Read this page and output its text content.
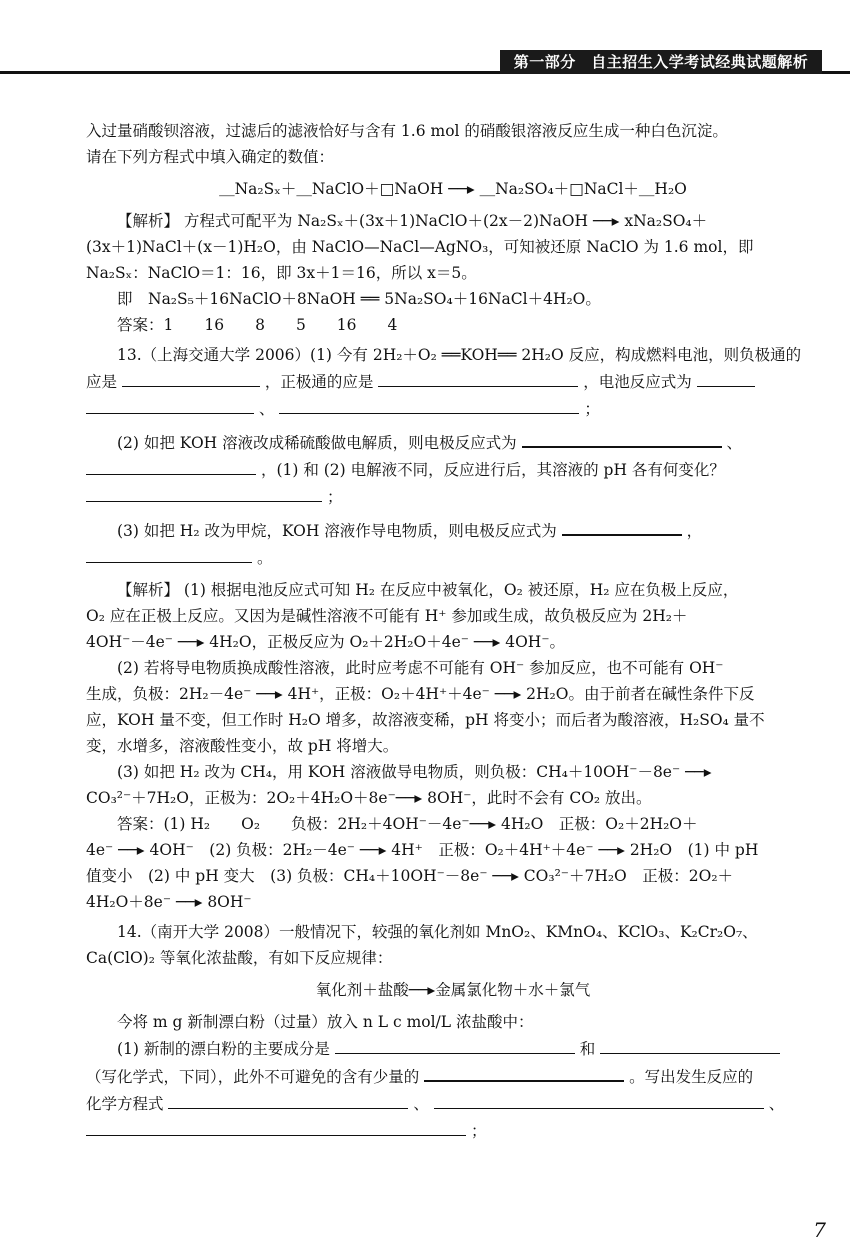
第一部分　自主招生入学考试经典试题解析

入过量硝酸钡溶液，过滤后的滤液恰好与含有 1.6 mol 的硝酸银溶液反应生成一种白色沉淀。

请在下列方程式中填入确定的数值：

＿Na₂Sₓ＋＿NaClO＋□NaOH ──▸ ＿Na₂SO₄＋□NaCl＋＿H₂O

【解析】 方程式可配平为 Na₂Sₓ＋(3x＋1)NaClO＋(2x－2)NaOH ──▸ xNa₂SO₄＋

(3x＋1)NaCl＋(x－1)H₂O，由 NaClO—NaCl—AgNO₃，可知被还原 NaClO 为 1.6 mol，即

Na₂Sₓ：NaClO＝1：16，即 3x＋1＝16，所以 x＝5。

即　Na₂S₅＋16NaClO＋8NaOH ══ 5Na₂SO₄＋16NaCl＋4H₂O。

答案：1　　16　　8　　5　　16　　4

13.（上海交通大学 2006）(1) 今有 2H₂＋O₂ ══KOH══ 2H₂O 反应，构成燃料电池，则负极通的

应是	，正极通的应是	，电池反应式为

、	；

(2) 如把 KOH 溶液改成稀硫酸做电解质，则电极反应式为	、

，(1) 和 (2) 电解液不同，反应进行后，其溶液的 pH 各有何变化？

；

(3) 如把 H₂ 改为甲烷，KOH 溶液作导电物质，则电极反应式为	，

。

【解析】 (1) 根据电池反应式可知 H₂ 在反应中被氧化，O₂ 被还原，H₂ 应在负极上反应，

O₂ 应在正极上反应。又因为是碱性溶液不可能有 H⁺ 参加或生成，故负极反应为 2H₂＋

4OH⁻－4e⁻ ──▸ 4H₂O，正极反应为 O₂＋2H₂O＋4e⁻ ──▸ 4OH⁻。

(2) 若将导电物质换成酸性溶液，此时应考虑不可能有 OH⁻ 参加反应，也不可能有 OH⁻

生成，负极：2H₂－4e⁻ ──▸ 4H⁺，正极：O₂＋4H⁺＋4e⁻ ──▸ 2H₂O。由于前者在碱性条件下反

应，KOH 量不变，但工作时 H₂O 增多，故溶液变稀，pH 将变小；而后者为酸溶液，H₂SO₄ 量不

变，水增多，溶液酸性变小，故 pH 将增大。

(3) 如把 H₂ 改为 CH₄，用 KOH 溶液做导电物质，则负极：CH₄＋10OH⁻－8e⁻ ──▸

CO₃²⁻＋7H₂O，正极为：2O₂＋4H₂O＋8e⁻──▸ 8OH⁻，此时不会有 CO₂ 放出。

答案：(1) H₂　　O₂　　负极：2H₂＋4OH⁻－4e⁻──▸ 4H₂O　正极：O₂＋2H₂O＋

4e⁻ ──▸ 4OH⁻　(2) 负极：2H₂－4e⁻ ──▸ 4H⁺　正极：O₂＋4H⁺＋4e⁻ ──▸ 2H₂O　(1) 中 pH

值变小　(2) 中 pH 变大　(3) 负极：CH₄＋10OH⁻－8e⁻ ──▸ CO₃²⁻＋7H₂O　正极：2O₂＋

4H₂O＋8e⁻ ──▸ 8OH⁻

14.（南开大学 2008）一般情况下，较强的氧化剂如 MnO₂、KMnO₄、KClO₃、K₂Cr₂O₇、

Ca(ClO)₂ 等氧化浓盐酸，有如下反应规律：

氧化剂＋盐酸──▸金属氯化物＋水＋氯气

今将 m g 新制漂白粉（过量）放入 n L c mol/L 浓盐酸中：

(1) 新制的漂白粉的主要成分是	和

（写化学式，下同），此外不可避免的含有少量的	。写出发生反应的

化学方程式	、	、

；

7
